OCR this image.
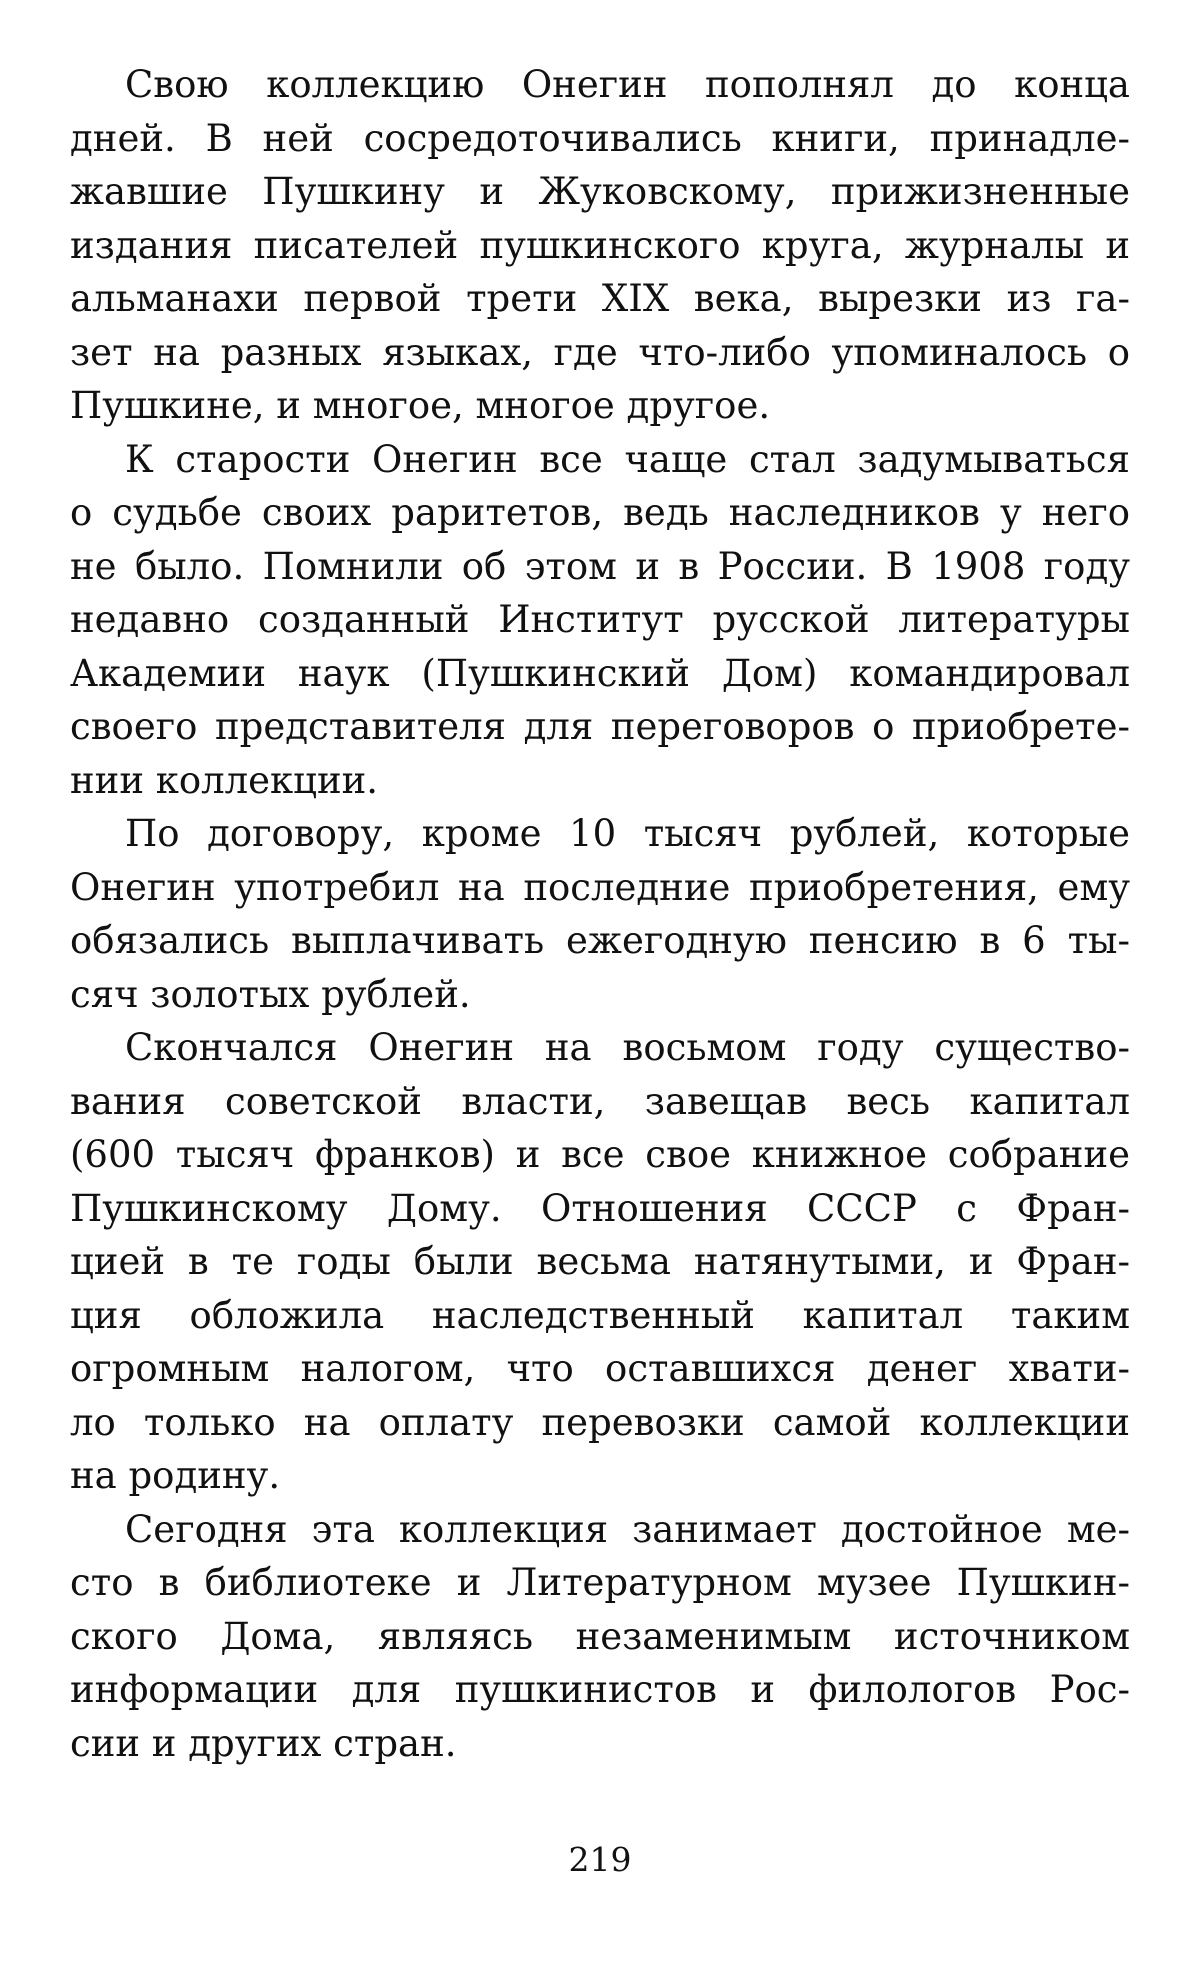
Свою коллекцию Онегин пополнял до конца
дней. В ней сосредоточивались книги, принадле-
жавшие Пушкину и Жуковскому, прижизненные
издания писателей пушкинского круга, журналы и
альманахи первой трети XIX века, вырезки из га-
зет на разных языках, где что-либо упоминалось о
Пушкине, и многое, многое другое.
К старости Онегин все чаще стал задумываться
о судьбе своих раритетов, ведь наследников у него
не было. Помнили об этом и в России. В 1908 году
недавно созданный Институт русской литературы
Академии наук (Пушкинский Дом) командировал
своего представителя для переговоров о приобрете-
нии коллекции.
По договору, кроме 10 тысяч рублей, которые
Онегин употребил на последние приобретения, ему
обязались выплачивать ежегодную пенсию в 6 ты-
сяч золотых рублей.
Скончался Онегин на восьмом году существо-
вания советской власти, завещав весь капитал
(600 тысяч франков) и все свое книжное собрание
Пушкинскому Дому. Отношения СССР с Фран-
цией в те годы были весьма натянутыми, и Фран-
ция обложила наследственный капитал таким
огромным налогом, что оставшихся денег хвати-
ло только на оплату перевозки самой коллекции
на родину.
Сегодня эта коллекция занимает достойное ме-
сто в библиотеке и Литературном музее Пушкин-
ского Дома, являясь незаменимым источником
информации для пушкинистов и филологов Рос-
сии и других стран.
219
